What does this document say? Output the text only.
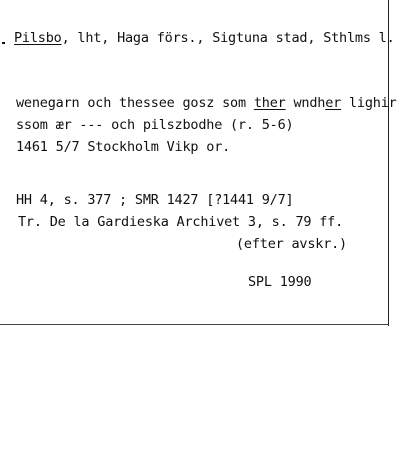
Pilsbo, lht, Haga förs., Sigtuna stad, Sthlms l.
wenegarn och thessee gosz som ther wndher lighir
ssom ær --- och pilszbodhe (r. 5-6)
1461 5/7 Stockholm Vikp or.
HH 4, s. 377 ; SMR 1427 [?1441 9/7]
Tr. De la Gardieska Archivet 3, s. 79 ff.
(efter avskr.)
SPL 1990
